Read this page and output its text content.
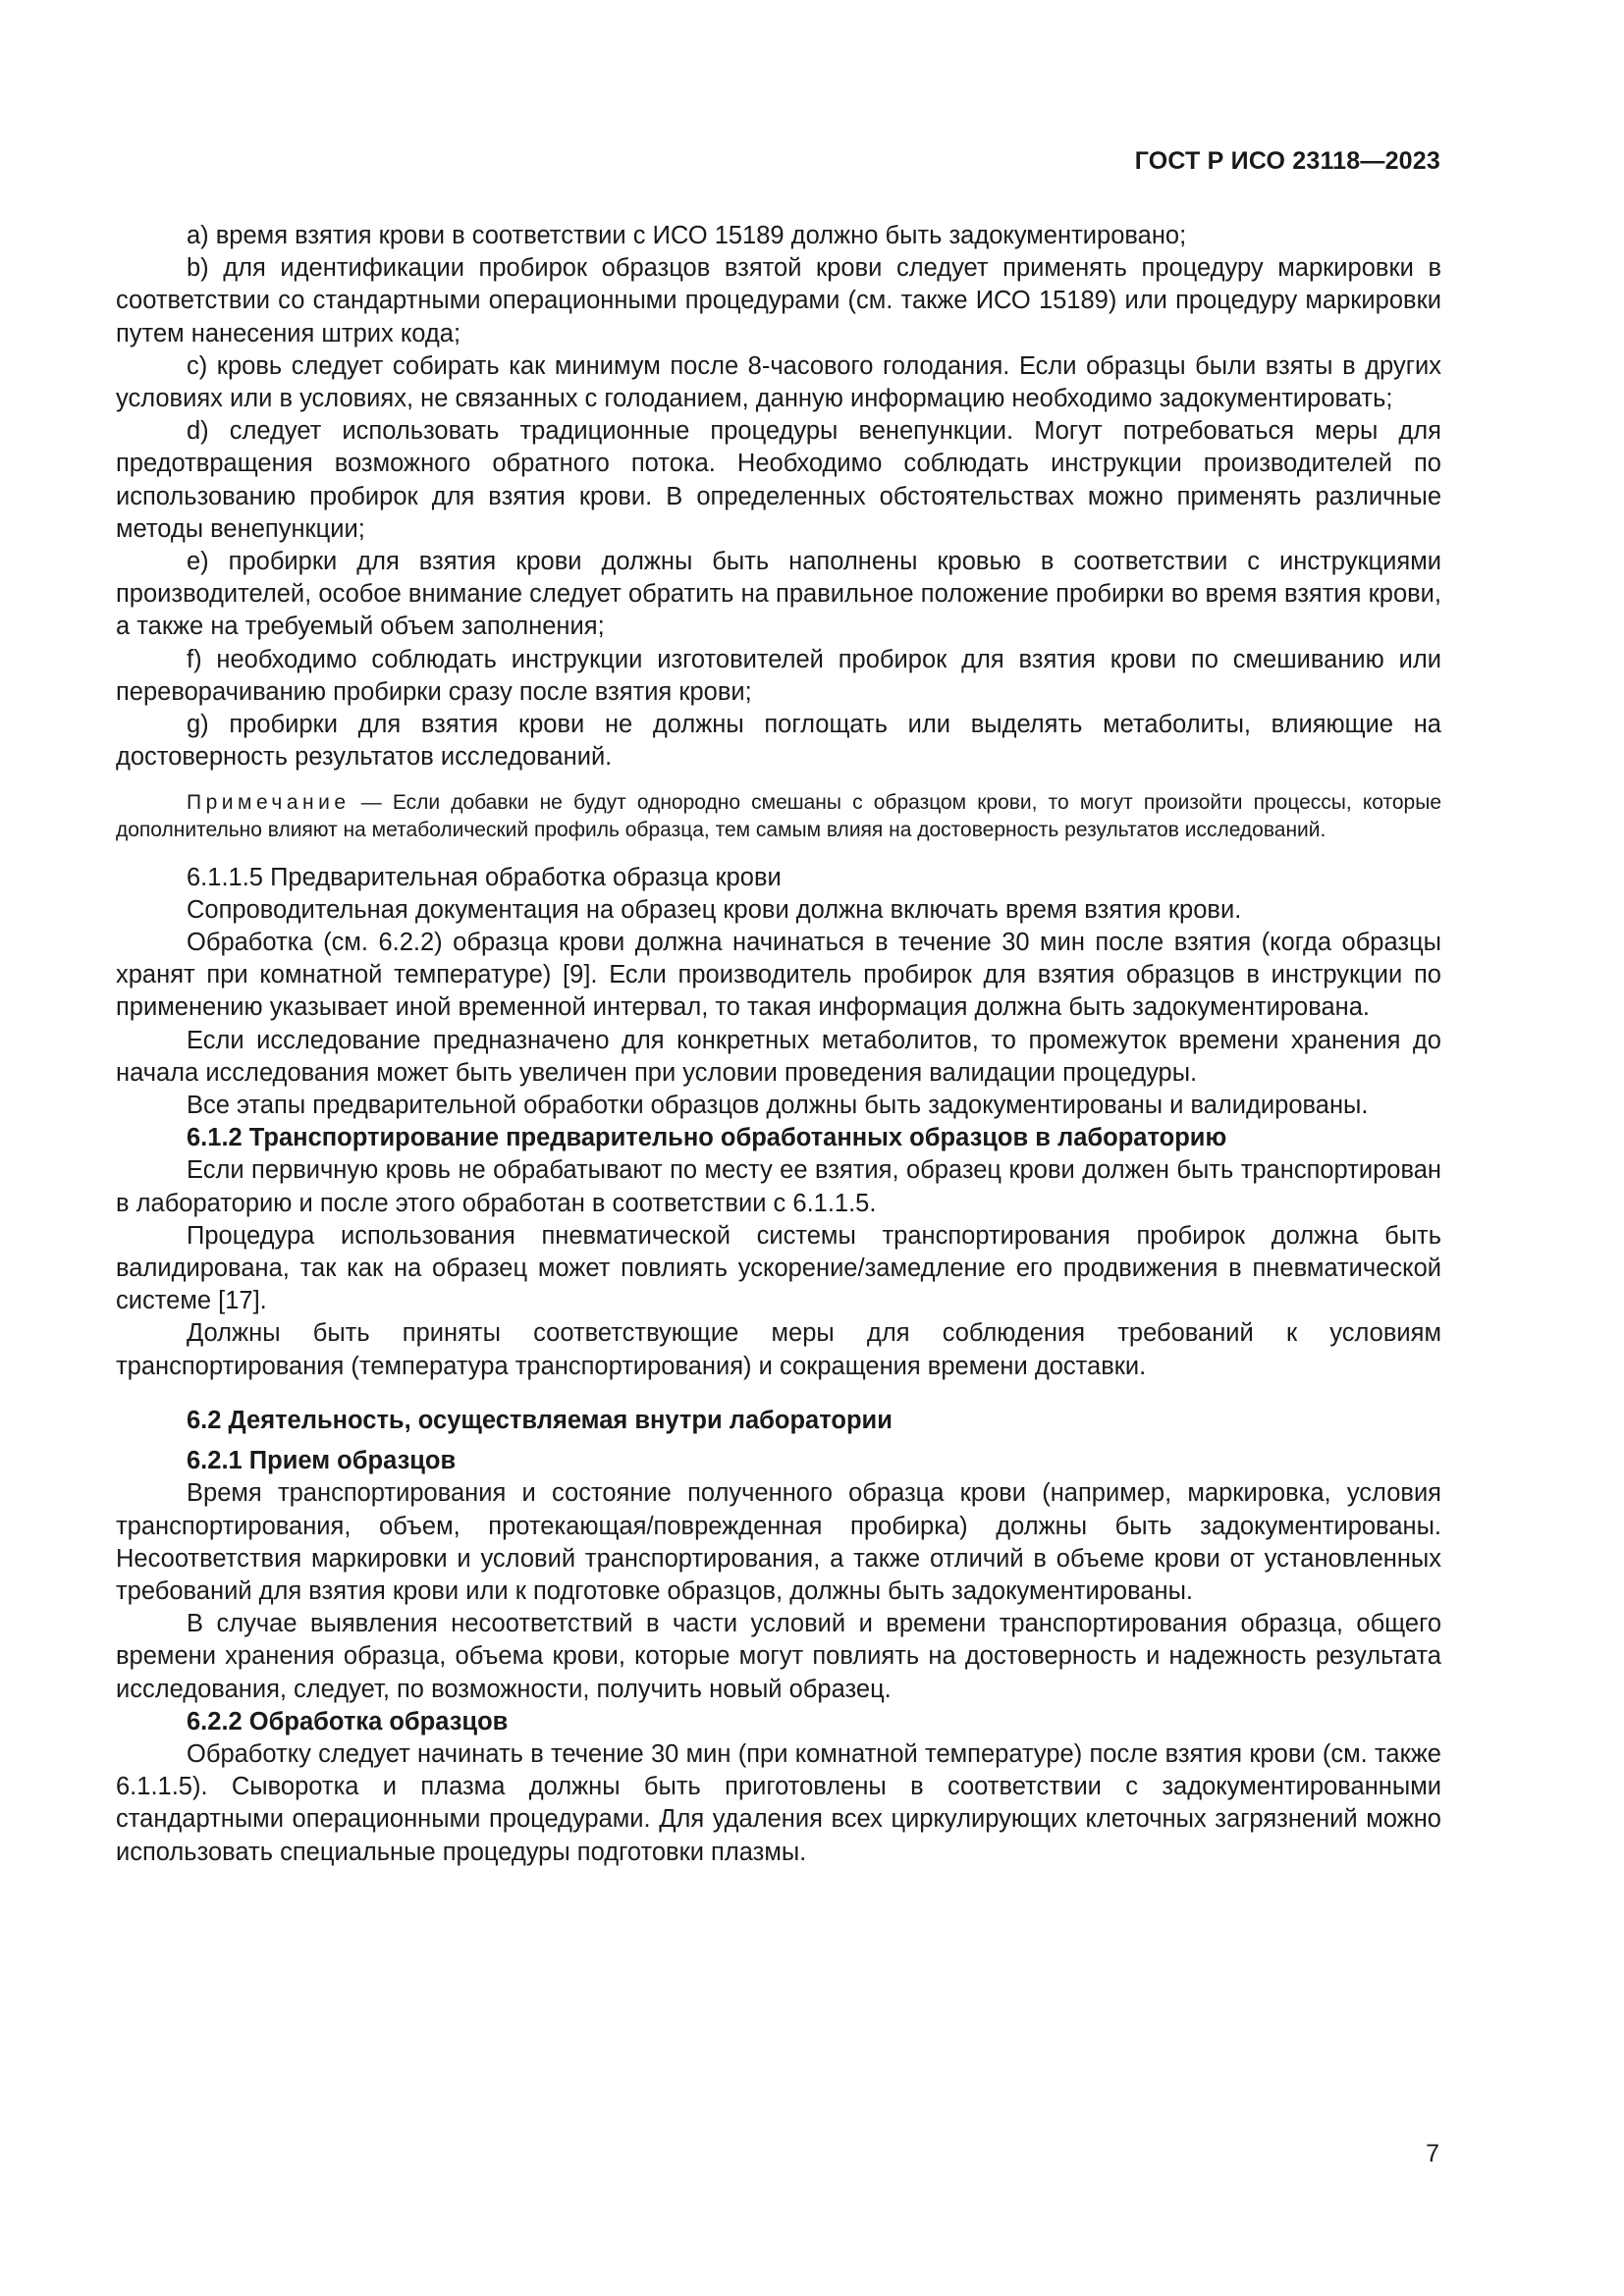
ГОСТ Р ИСО 23118—2023

а) время взятия крови в соответствии с ИСО 15189 должно быть задокументировано;

b) для идентификации пробирок образцов взятой крови следует применять процедуру маркировки в соответствии со стандартными операционными процедурами (см. также ИСО 15189) или процедуру маркировки путем нанесения штрих кода;

с) кровь следует собирать как минимум после 8-часового голодания. Если образцы были взяты в других условиях или в условиях, не связанных с голоданием, данную информацию необходимо задокументировать;

d) следует использовать традиционные процедуры венепункции. Могут потребоваться меры для предотвращения возможного обратного потока. Необходимо соблюдать инструкции производителей по использованию пробирок для взятия крови. В определенных обстоятельствах можно применять различные методы венепункции;

е) пробирки для взятия крови должны быть наполнены кровью в соответствии с инструкциями производителей, особое внимание следует обратить на правильное положение пробирки во время взятия крови, а также на требуемый объем заполнения;

f) необходимо соблюдать инструкции изготовителей пробирок для взятия крови по смешиванию или переворачиванию пробирки сразу после взятия крови;

g) пробирки для взятия крови не должны поглощать или выделять метаболиты, влияющие на достоверность результатов исследований.

Примечание — Если добавки не будут однородно смешаны с образцом крови, то могут произойти процессы, которые дополнительно влияют на метаболический профиль образца, тем самым влияя на достоверность результатов исследований.

6.1.1.5 Предварительная обработка образца крови

Сопроводительная документация на образец крови должна включать время взятия крови.

Обработка (см. 6.2.2) образца крови должна начинаться в течение 30 мин после взятия (когда образцы хранят при комнатной температуре) [9]. Если производитель пробирок для взятия образцов в инструкции по применению указывает иной временной интервал, то такая информация должна быть задокументирована.

Если исследование предназначено для конкретных метаболитов, то промежуток времени хранения до начала исследования может быть увеличен при условии проведения валидации процедуры.

Все этапы предварительной обработки образцов должны быть задокументированы и валидированы.

6.1.2 Транспортирование предварительно обработанных образцов в лабораторию

Если первичную кровь не обрабатывают по месту ее взятия, образец крови должен быть транспортирован в лабораторию и после этого обработан в соответствии с 6.1.1.5.

Процедура использования пневматической системы транспортирования пробирок должна быть валидирована, так как на образец может повлиять ускорение/замедление его продвижения в пневматической системе [17].

Должны быть приняты соответствующие меры для соблюдения требований к условиям транспортирования (температура транспортирования) и сокращения времени доставки.

6.2 Деятельность, осуществляемая внутри лаборатории

6.2.1 Прием образцов

Время транспортирования и состояние полученного образца крови (например, маркировка, условия транспортирования, объем, протекающая/поврежденная пробирка) должны быть задокументированы. Несоответствия маркировки и условий транспортирования, а также отличий в объеме крови от установленных требований для взятия крови или к подготовке образцов, должны быть задокументированы.

В случае выявления несоответствий в части условий и времени транспортирования образца, общего времени хранения образца, объема крови, которые могут повлиять на достоверность и надежность результата исследования, следует, по возможности, получить новый образец.

6.2.2 Обработка образцов

Обработку следует начинать в течение 30 мин (при комнатной температуре) после взятия крови (см. также 6.1.1.5). Сыворотка и плазма должны быть приготовлены в соответствии с задокументированными стандартными операционными процедурами. Для удаления всех циркулирующих клеточных загрязнений можно использовать специальные процедуры подготовки плазмы.

7
